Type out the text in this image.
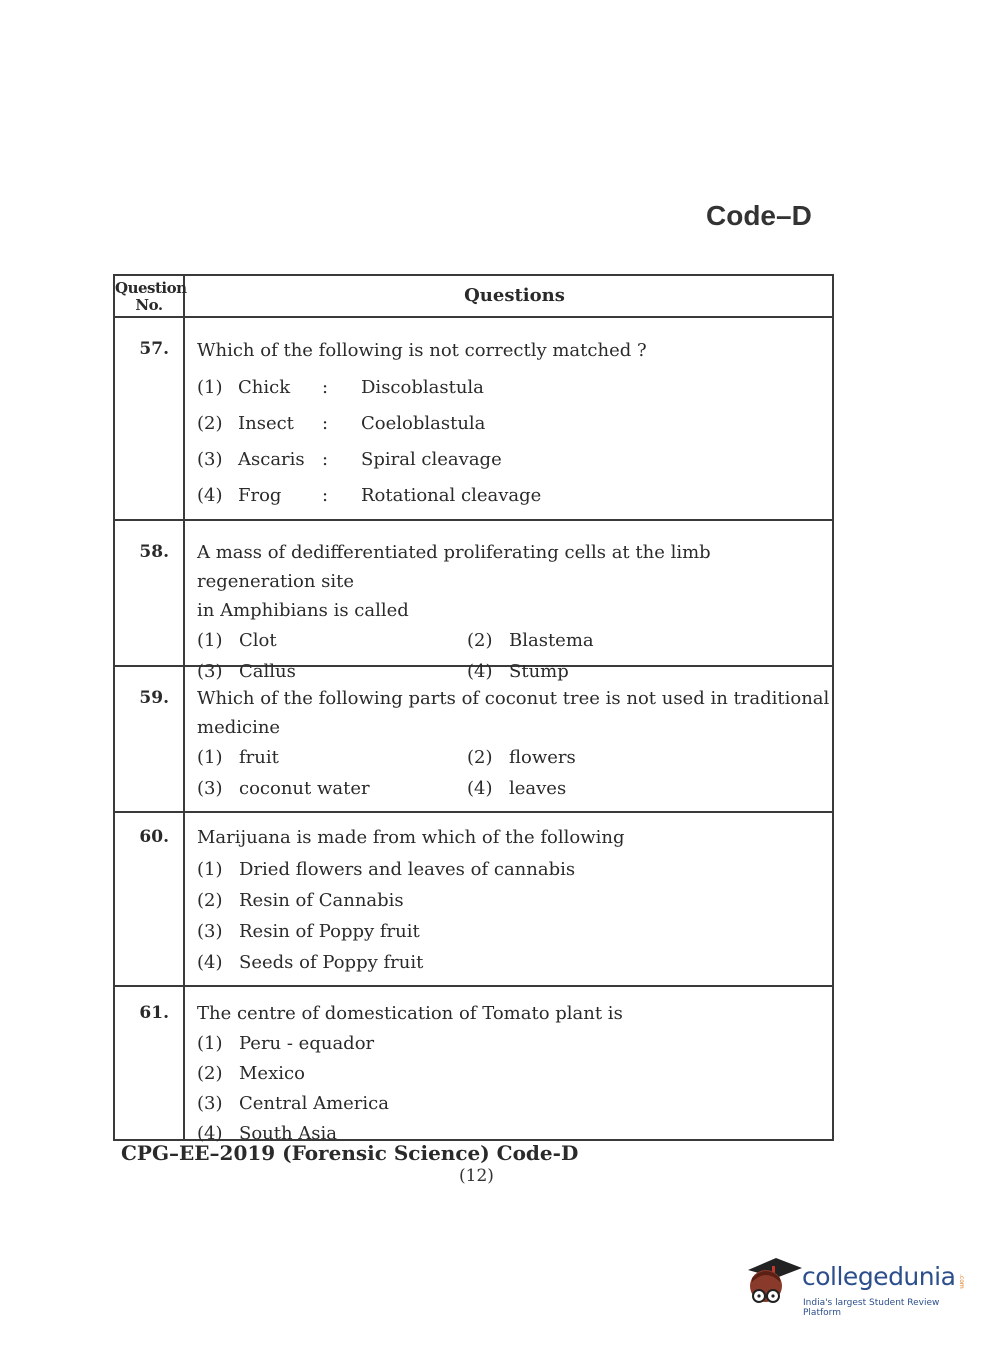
Code–D
Question
No.	Questions
57.	Which of the following is not correctly matched ?
(1) Chick	:	Discoblastula
(2) Insect	:	Coeloblastula
(3) Ascaris :	Spiral cleavage
(4) Frog	:	Rotational cleavage
58.	A mass of dedifferentiated proliferating cells at the limb regeneration site
in Amphibians is called
(1) Clot	(2) Blastema
(3) Callus	(4) Stump
59.	Which of the following parts of coconut tree is not used in traditional
medicine
(1) fruit	(2) flowers
(3) coconut water	(4) leaves
60.	Marijuana is made from which of the following
(1) Dried flowers and leaves of cannabis
(2) Resin of Cannabis
(3) Resin of Poppy fruit
(4) Seeds of Poppy fruit
61.	The centre of domestication of Tomato plant is
(1) Peru - equador
(2) Mexico
(3) Central America
(4) South Asia
CPG–EE–2019 (Forensic Science) Code-D
(12)
collegedunia .com
India's largest Student Review Platform
